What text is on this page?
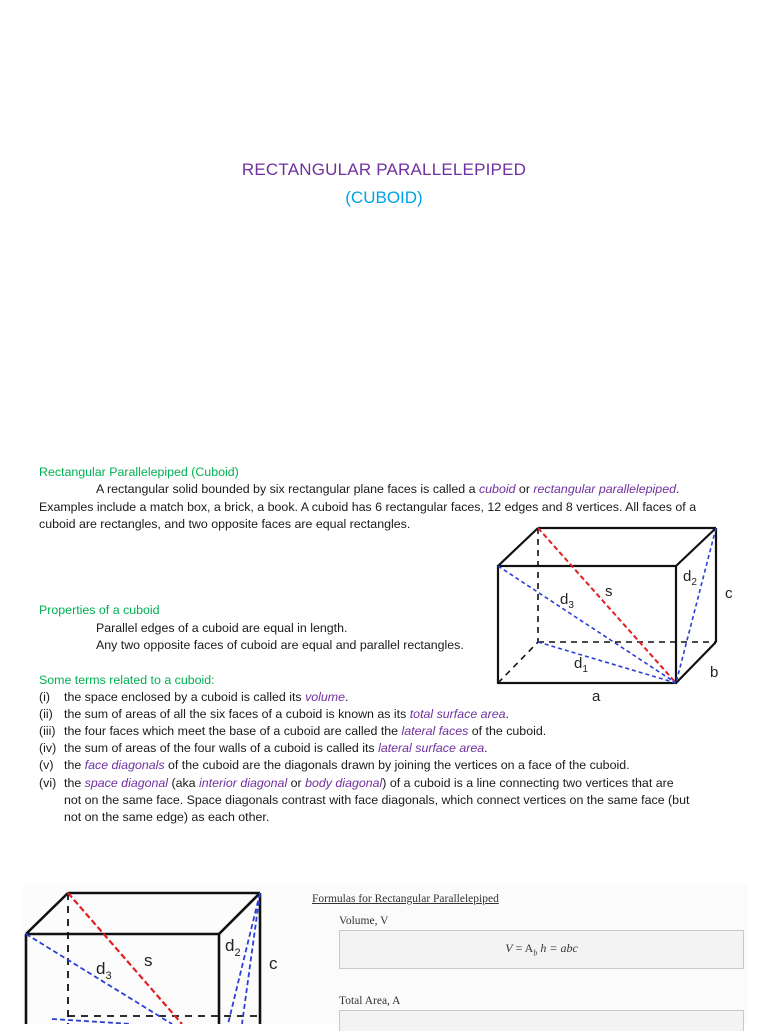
RECTANGULAR PARALLELEPIPED
(CUBOID)
Rectangular Parallelepiped (Cuboid)
A rectangular solid bounded by six rectangular plane faces is called a cuboid or rectangular parallelepiped.
Examples include a match box, a brick, a book. A cuboid has 6 rectangular faces, 12 edges and 8 vertices. All faces of a
cuboid are rectangles, and two opposite faces are equal rectangles.
$d_3$
s
$d_2$
c
$d_1$	b
a
Properties of a cuboid
Parallel edges of a cuboid are equal in length.
Any two opposite faces of cuboid are equal and parallel rectangles.
Some terms related to a cuboid:
(i) the space enclosed by a cuboid is called its volume.
(ii) the sum of areas of all the six faces of a cuboid is known as its total surface area.
(iii) the four faces which meet the base of a cuboid are called the lateral faces of the cuboid.
(iv) the sum of areas of the four walls of a cuboid is called its lateral surface area.
(v) the face diagonals of the cuboid are the diagonals drawn by joining the vertices on a face of the cuboid.
(vi) the space diagonal (aka interior diagonal or body diagonal) of a cuboid is a line connecting two vertices that are
not on the same face. Space diagonals contrast with face diagonals, which connect vertices on the same face (but
not on the same edge) as each other.
$d_3$
s
$d_2$
c
Formulas for Rectangular Parallelepiped
Volume, V
$V = A_b$ h = abc
Total Area, A
